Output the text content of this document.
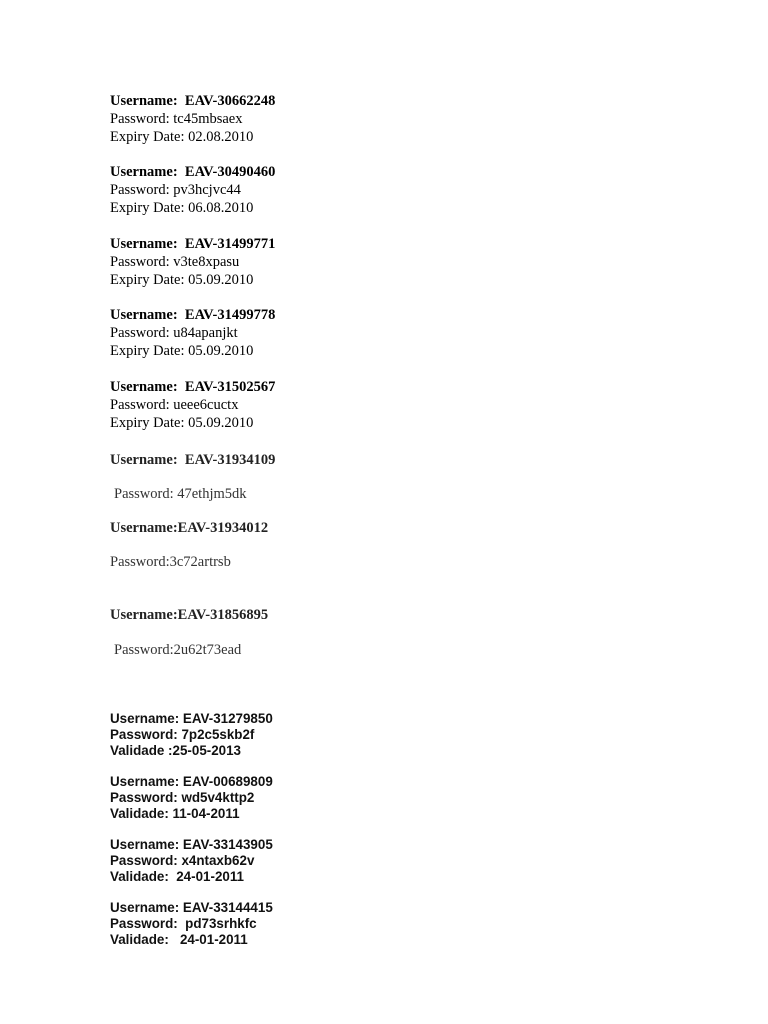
Username:  EAV-30662248
Password: tc45mbsaex
Expiry Date: 02.08.2010
Username:  EAV-30490460
Password: pv3hcjvc44
Expiry Date: 06.08.2010
Username:  EAV-31499771
Password: v3te8xpasu
Expiry Date: 05.09.2010
Username:  EAV-31499778
Password: u84apanjkt
Expiry Date: 05.09.2010
Username:  EAV-31502567
Password: ueee6cuctx
Expiry Date: 05.09.2010
Username:  EAV-31934109
Password: 47ethjm5dk
Username:EAV-31934012
Password:3c72artrsb
Username:EAV-31856895
Password:2u62t73ead
Username: EAV-31279850
Password: 7p2c5skb2f
Validade :25-05-2013
Username: EAV-00689809
Password: wd5v4kttp2
Validade: 11-04-2011
Username: EAV-33143905
Password: x4ntaxb62v
Validade:  24-01-2011
Username: EAV-33144415
Password:  pd73srhkfc
Validade:   24-01-2011
